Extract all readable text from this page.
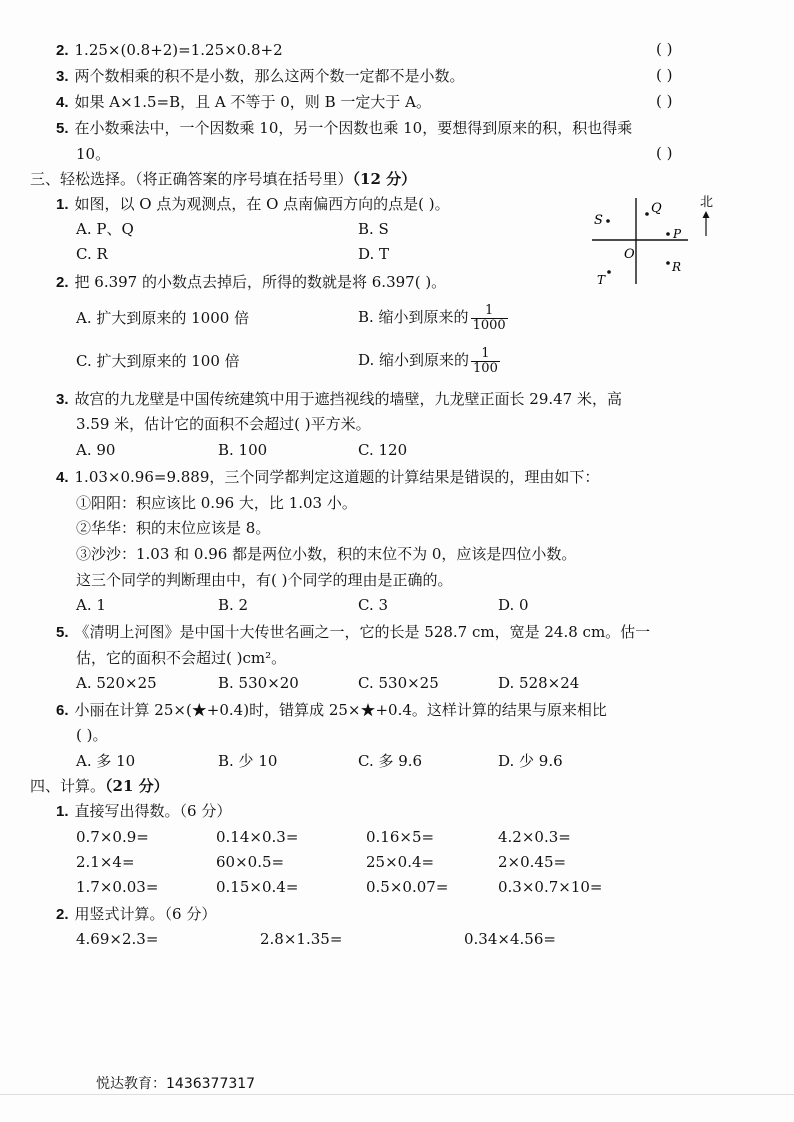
2. 1.25×(0.8+2)=1.25×0.8+2	( )
3. 两个数相乘的积不是小数，那么这两个数一定都不是小数。	( )
4. 如果 A×1.5=B，且 A 不等于 0，则 B 一定大于 A。	( )
5. 在小数乘法中，一个因数乘 10，另一个因数也乘 10，要想得到原来的积，积也得乘
10。	( )
三、轻松选择。（将正确答案的序号填在括号里）（12 分）
1. 如图，以 O 点为观测点，在 O 点南偏西方向的点是( )。
A. P、Q	B. S
C. R	D. T
北
S
Q
P
O
R
T
2. 把 6.397 的小数点去掉后，所得的数就是将 6.397( )。
A. 扩大到原来的 1000 倍	B. 缩小到原来的 $\frac{1}{1000}$
C. 扩大到原来的 100 倍	D. 缩小到原来的 $\frac{1}{100}$
3. 故宫的九龙壁是中国传统建筑中用于遮挡视线的墙壁，九龙壁正面长 29.47 米，高
3.59 米，估计它的面积不会超过( )平方米。
A. 90	B. 100	C. 120
4. 1.03×0.96=9.889，三个同学都判定这道题的计算结果是错误的，理由如下：
①阳阳：积应该比 0.96 大，比 1.03 小。
②华华：积的末位应该是 8。
③沙沙：1.03 和 0.96 都是两位小数，积的末位不为 0，应该是四位小数。
这三个同学的判断理由中，有( )个同学的理由是正确的。
A. 1	B. 2	C. 3	D. 0
5. 《清明上河图》是中国十大传世名画之一，它的长是 528.7 cm，宽是 24.8 cm。估一
估，它的面积不会超过( )cm²。
A. 520×25	B. 530×20	C. 530×25	D. 528×24
6. 小丽在计算 25×(★+0.4)时，错算成 25×★+0.4。这样计算的结果与原来相比
( )。
A. 多 10	B. 少 10	C. 多 9.6	D. 少 9.6
四、计算。（21 分）
1. 直接写出得数。（6 分）
0.7×0.9=	0.14×0.3=	0.16×5=	4.2×0.3=
2.1×4=	60×0.5=	25×0.4=	2×0.45=
1.7×0.03=	0.15×0.4=	0.5×0.07=	0.3×0.7×10=
2. 用竖式计算。（6 分）
4.69×2.3=	2.8×1.35=	0.34×4.56=
悦达教育：1436377317
